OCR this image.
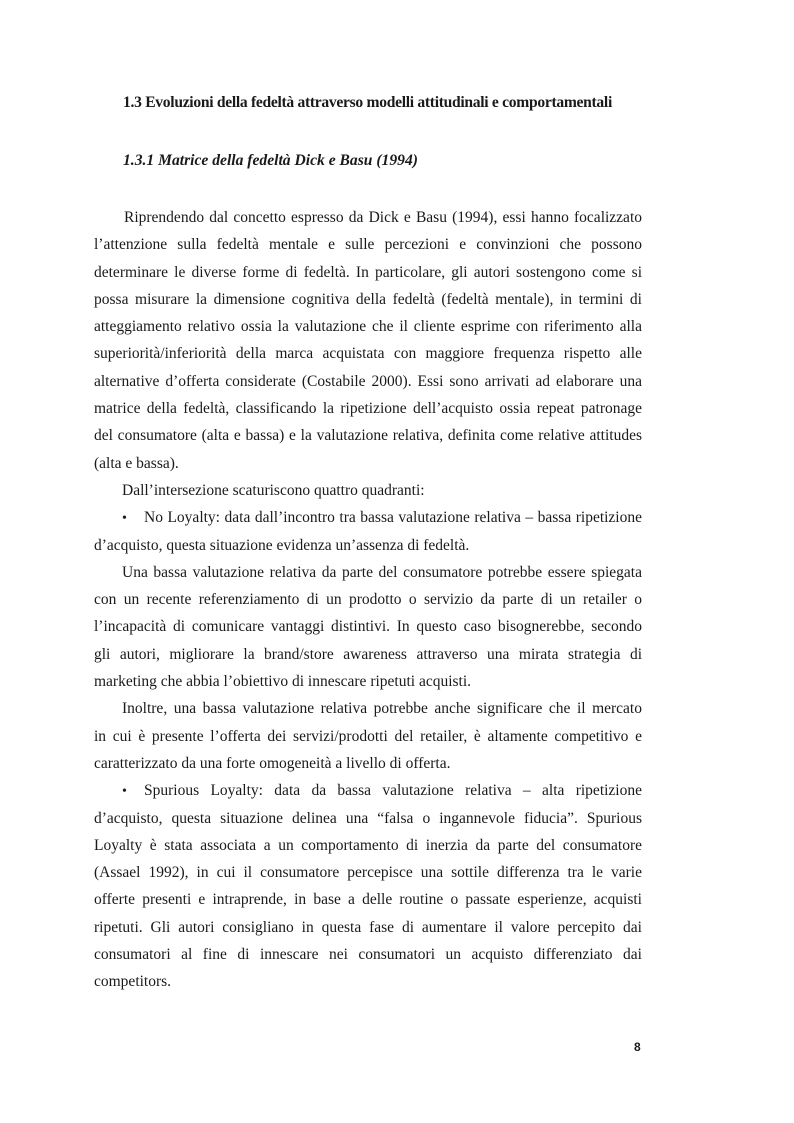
1.3 Evoluzioni della fedeltà attraverso modelli attitudinali e comportamentali
1.3.1 Matrice della fedeltà Dick e Basu (1994)
Riprendendo dal concetto espresso da Dick e Basu (1994), essi hanno focalizzato
l’attenzione sulla fedeltà mentale e sulle percezioni e convinzioni che possono
determinare le diverse forme di fedeltà. In particolare, gli autori sostengono come si
possa misurare la dimensione cognitiva della fedeltà (fedeltà mentale), in termini di
atteggiamento relativo ossia la valutazione che il cliente esprime con riferimento alla
superiorità/inferiorità della marca acquistata con maggiore frequenza rispetto alle
alternative d’offerta considerate (Costabile 2000). Essi sono arrivati ad elaborare una
matrice della fedeltà, classificando la ripetizione dell’acquisto ossia repeat patronage
del consumatore (alta e bassa) e la valutazione relativa, definita come relative attitudes
(alta e bassa).
Dall’intersezione scaturiscono quattro quadranti:
• No Loyalty: data dall’incontro tra bassa valutazione relativa – bassa ripetizione
d’acquisto, questa situazione evidenza un’assenza di fedeltà.
Una bassa valutazione relativa da parte del consumatore potrebbe essere spiegata
con un recente referenziamento di un prodotto o servizio da parte di un retailer o
l’incapacità di comunicare vantaggi distintivi. In questo caso bisognerebbe, secondo
gli autori, migliorare la brand/store awareness attraverso una mirata strategia di
marketing che abbia l’obiettivo di innescare ripetuti acquisti.
Inoltre, una bassa valutazione relativa potrebbe anche significare che il mercato
in cui è presente l’offerta dei servizi/prodotti del retailer, è altamente competitivo e
caratterizzato da una forte omogeneità a livello di offerta.
• Spurious Loyalty: data da bassa valutazione relativa – alta ripetizione
d’acquisto, questa situazione delinea una “falsa o ingannevole fiducia”. Spurious
Loyalty è stata associata a un comportamento di inerzia da parte del consumatore
(Assael 1992), in cui il consumatore percepisce una sottile differenza tra le varie
offerte presenti e intraprende, in base a delle routine o passate esperienze, acquisti
ripetuti. Gli autori consigliano in questa fase di aumentare il valore percepito dai
consumatori al fine di innescare nei consumatori un acquisto differenziato dai
competitors.

8
